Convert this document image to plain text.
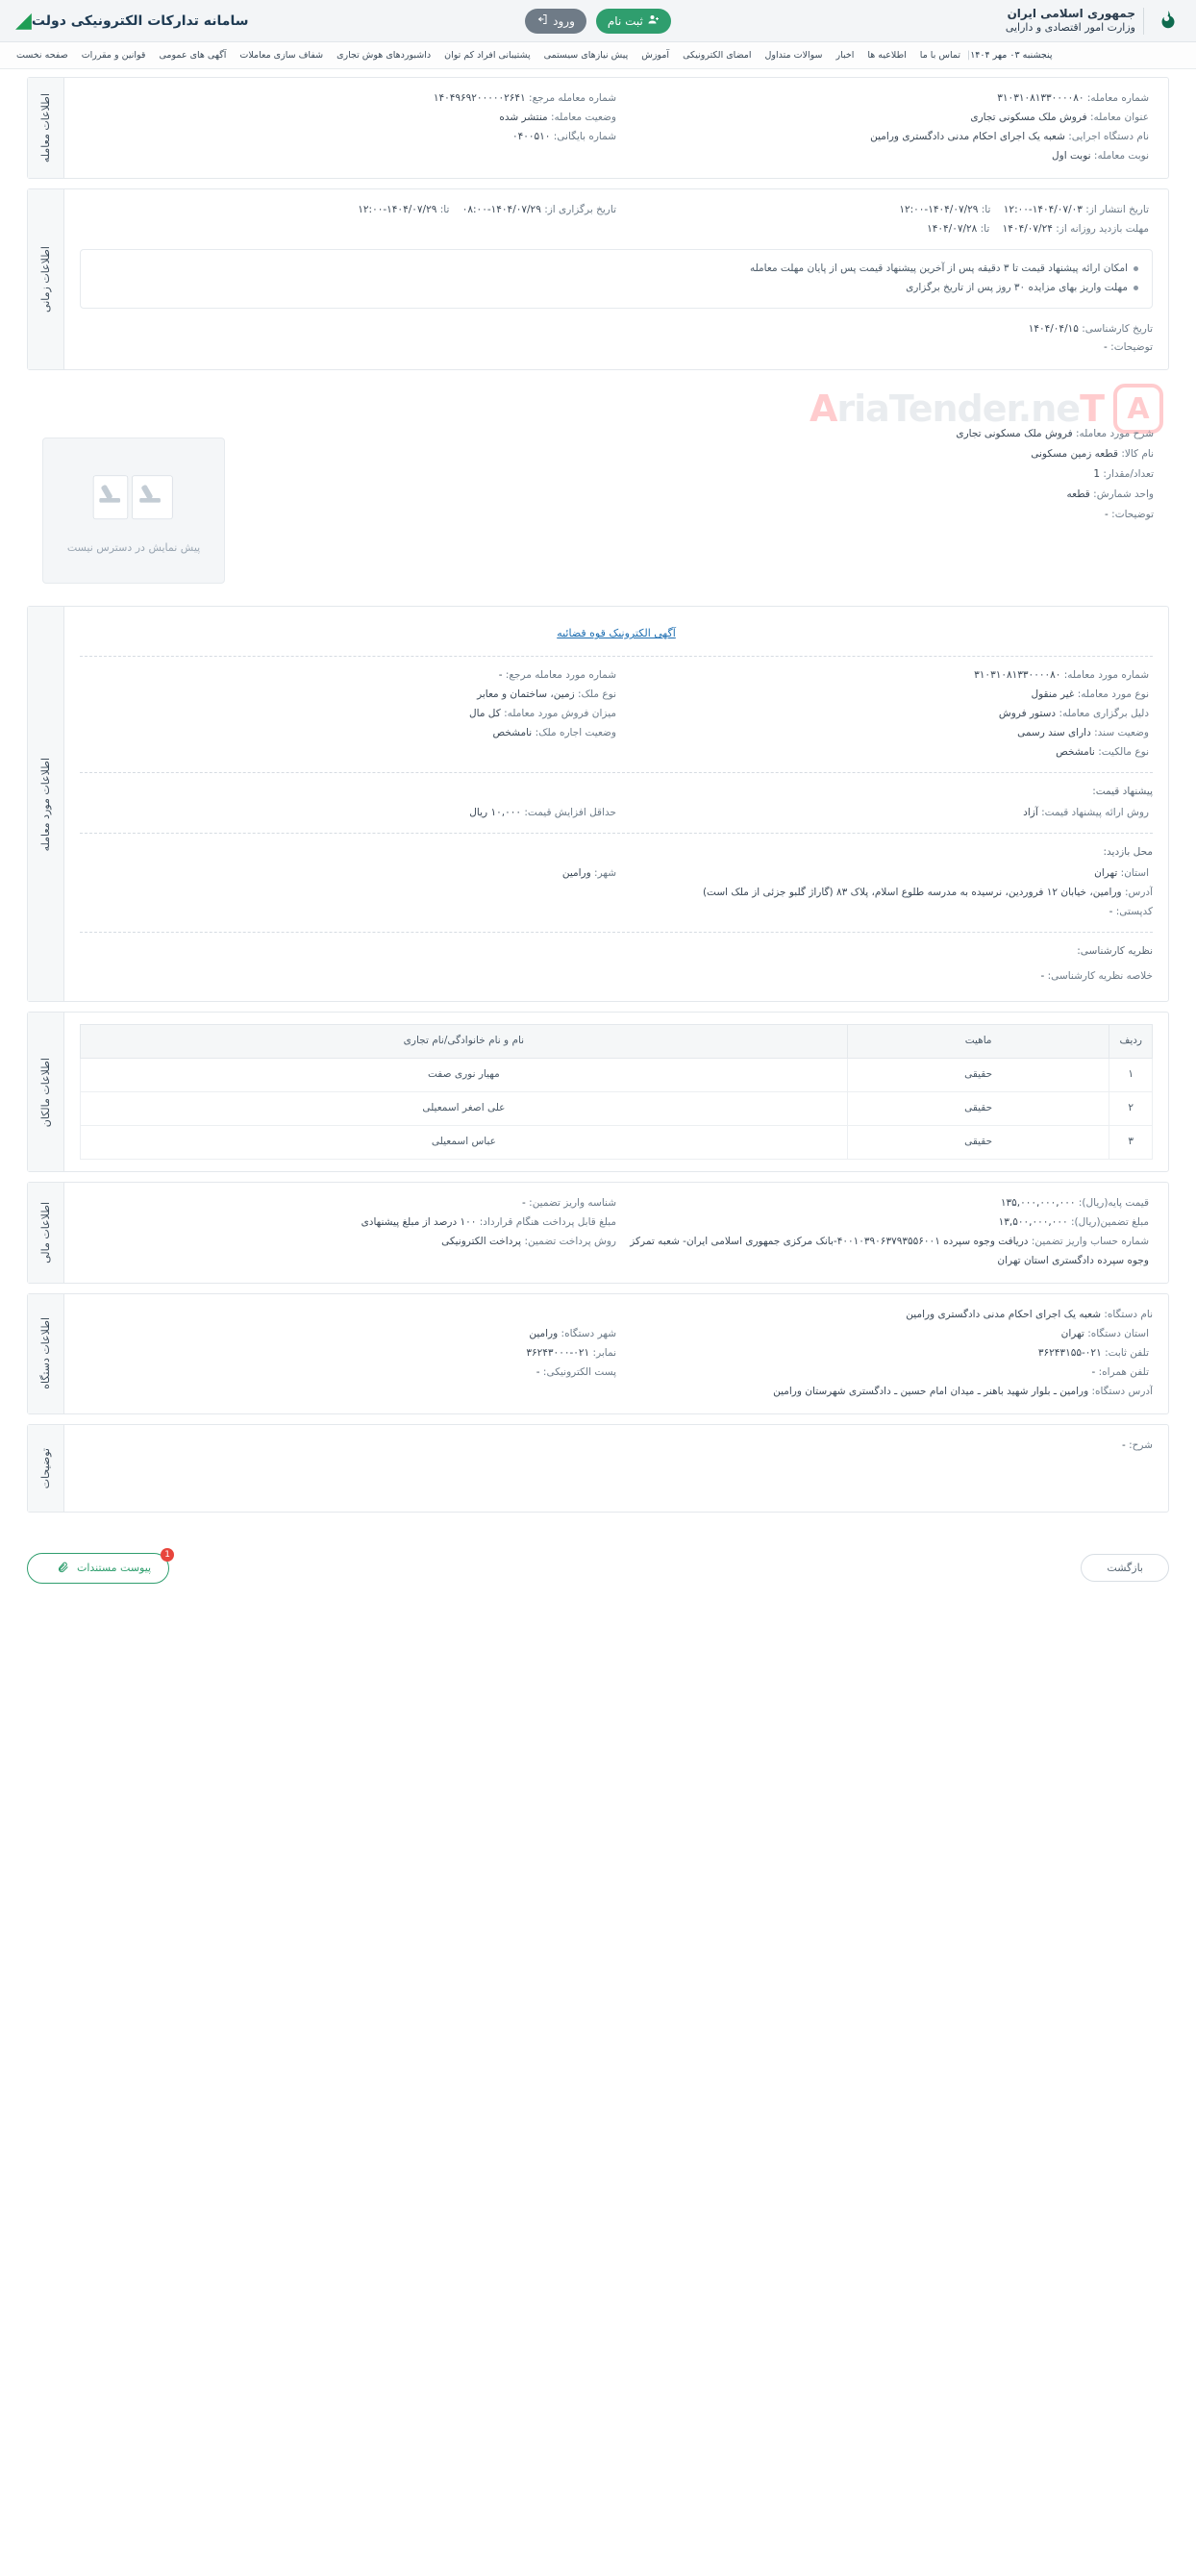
جمهوری اسلامی ایران
وزارت امور اقتصادی و دارایی
ثبت نام
ورود
سامانه تدارکات الکترونیکی دولت
◢
پنجشنبه ۰۳ مهر ۱۴۰۴
|
تماس با ما
اطلاعیه ها
اخبار
سوالات متداول
امضای الکترونیکی
آموزش
پیش نیازهای سیستمی
پشتیبانی افراد کم توان
داشبوردهای هوش تجاری
شفاف سازی معاملات
آگهی های عمومی
قوانین و مقررات
صفحه نخست
شماره معامله: ۳۱۰۳۱۰۸۱۳۳۰۰۰۰۸۰
عنوان معامله: فروش ملک مسکونی تجاری
نام دستگاه اجرایی: شعبه یک اجرای احکام مدنی دادگستری ورامین
نوبت معامله: نوبت اول
شماره معامله مرجع: ۱۴۰۴۹۶۹۲۰۰۰۰۰۲۶۴۱
وضعیت معامله: منتشر شده
شماره بایگانی: ۰۴۰۰۵۱۰
اطلاعات معامله
تاریخ انتشار از: ۱۴۰۴/۰۷/۰۳-۱۲:۰۰    تا: ۱۴۰۴/۰۷/۲۹-۱۲:۰۰
مهلت بازدید روزانه از: ۱۴۰۴/۰۷/۲۴    تا: ۱۴۰۴/۰۷/۲۸
تاریخ برگزاری از: ۱۴۰۴/۰۷/۲۹-۰۸:۰۰    تا: ۱۴۰۴/۰۷/۲۹-۱۲:۰۰
امکان ارائه پیشنهاد قیمت تا ۳ دقیقه پس از آخرین پیشنهاد قیمت پس از پایان مهلت معامله
مهلت واریز بهای مزایده ۳۰ روز پس از تاریخ برگزاری
تاریخ کارشناسی: ۱۴۰۴/۰۴/۱۵
توضیحات: -
اطلاعات زمانی
A
AriaTender.neT
پیش نمایش در دسترس نیست
شرح مورد معامله: فروش ملک مسکونی تجاری
نام کالا: قطعه زمین مسکونی
تعداد/مقدار: 1
واحد شمارش: قطعه
توضیحات: -
آگهی الکترونیک قوه قضائیه
شماره مورد معامله: ۳۱۰۳۱۰۸۱۳۳۰۰۰۰۸۰
نوع مورد معامله: غیر منقول
دلیل برگزاری معامله: دستور فروش
وضعیت سند: دارای سند رسمی
نوع مالکیت: نامشخص
شماره مورد معامله مرجع: -
نوع ملک: زمین، ساختمان و معابر
میزان فروش مورد معامله: کل مال
وضعیت اجاره ملک: نامشخص
پیشنهاد قیمت:
روش ارائه پیشنهاد قیمت: آزاد
حداقل افزایش قیمت: ۱۰,۰۰۰ ریال
محل بازدید:
استان: تهران
شهر: ورامین
آدرس: ورامین، خیابان ۱۲ فروردین، نرسیده به مدرسه طلوع اسلام، پلاک ۸۳ (گاراژ گلبو جزئی از ملک است)
کدپستی: -
نظریه کارشناسی:
خلاصه نظریه کارشناسی: -
اطلاعات مورد معامله
ردیف	ماهیت	نام و نام خانوادگی/نام تجاری
۱	حقیقی	مهیار نوری صفت
۲	حقیقی	علی اصغر اسمعیلی
۳	حقیقی	عباس اسمعیلی
اطلاعات مالکان
قیمت پایه(ریال): ۱۳۵,۰۰۰,۰۰۰,۰۰۰
مبلغ تضمین(ریال): ۱۳,۵۰۰,۰۰۰,۰۰۰
شماره حساب واریز تضمین: دریافت وجوه سپرده ۴۰۰۱۰۳۹۰۶۳۷۹۳۵۵۶۰۰۱-بانک مرکزی جمهوری اسلامی ایران- شعبه تمرکز وجوه سپرده دادگستری استان تهران
شناسه واریز تضمین: -
مبلغ قابل پرداخت هنگام قرارداد: ۱۰۰ درصد از مبلغ پیشنهادی
روش پرداخت تضمین: پرداخت الکترونیکی
اطلاعات مالی
نام دستگاه: شعبه یک اجرای احکام مدنی دادگستری ورامین
استان دستگاه: تهران
تلفن ثابت: ۰۲۱-۳۶۲۴۳۱۵۵
تلفن همراه: -
شهر دستگاه: ورامین
نمابر: ۰۲۱-۳۶۲۴۳۰۰۰
پست الکترونیکی: -
آدرس دستگاه: ورامین ـ بلوار شهید باهنر ـ میدان امام حسین ـ دادگستری شهرستان ورامین
اطلاعات دستگاه
شرح: -
توضیحات
بازگشت
1
پیوست مستندات
